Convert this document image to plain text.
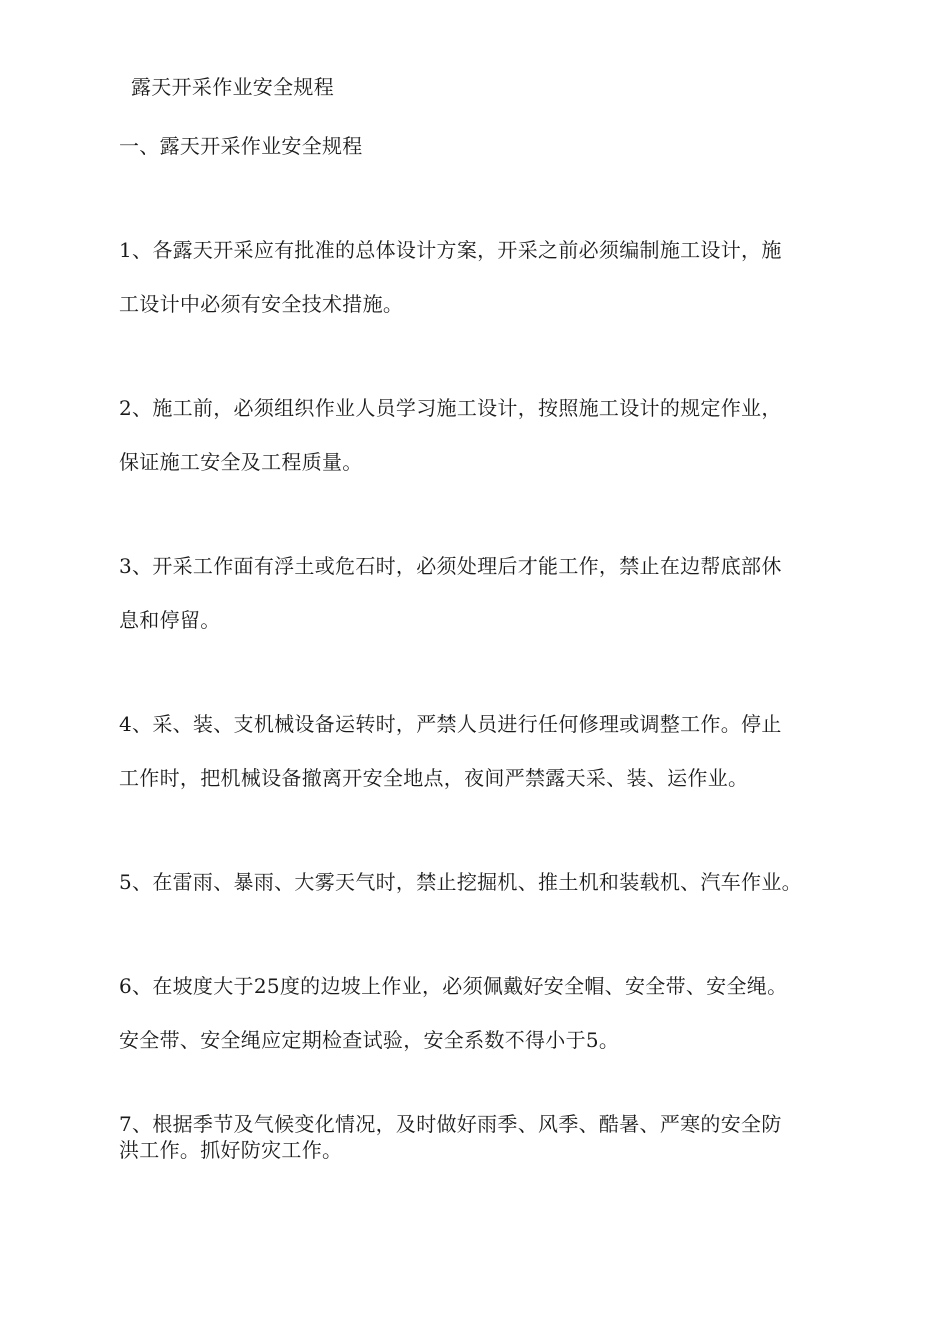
露天开采作业安全规程
一、露天开采作业安全规程
1、各露天开采应有批准的总体设计方案，开采之前必须编制施工设计，施
工设计中必须有安全技术措施。
2、施工前，必须组织作业人员学习施工设计，按照施工设计的规定作业，
保证施工安全及工程质量。
3、开采工作面有浮土或危石时，必须处理后才能工作，禁止在边帮底部休
息和停留。
4、采、装、支机械设备运转时，严禁人员进行任何修理或调整工作。停止
工作时，把机械设备撤离开安全地点，夜间严禁露天采、装、运作业。
5、在雷雨、暴雨、大雾天气时，禁止挖掘机、推土机和装载机、汽车作业。
6、在坡度大于25度的边坡上作业，必须佩戴好安全帽、安全带、安全绳。
安全带、安全绳应定期检查试验，安全系数不得小于5。
7、根据季节及气候变化情况，及时做好雨季、风季、酷暑、严寒的安全防
洪工作。抓好防灾工作。
